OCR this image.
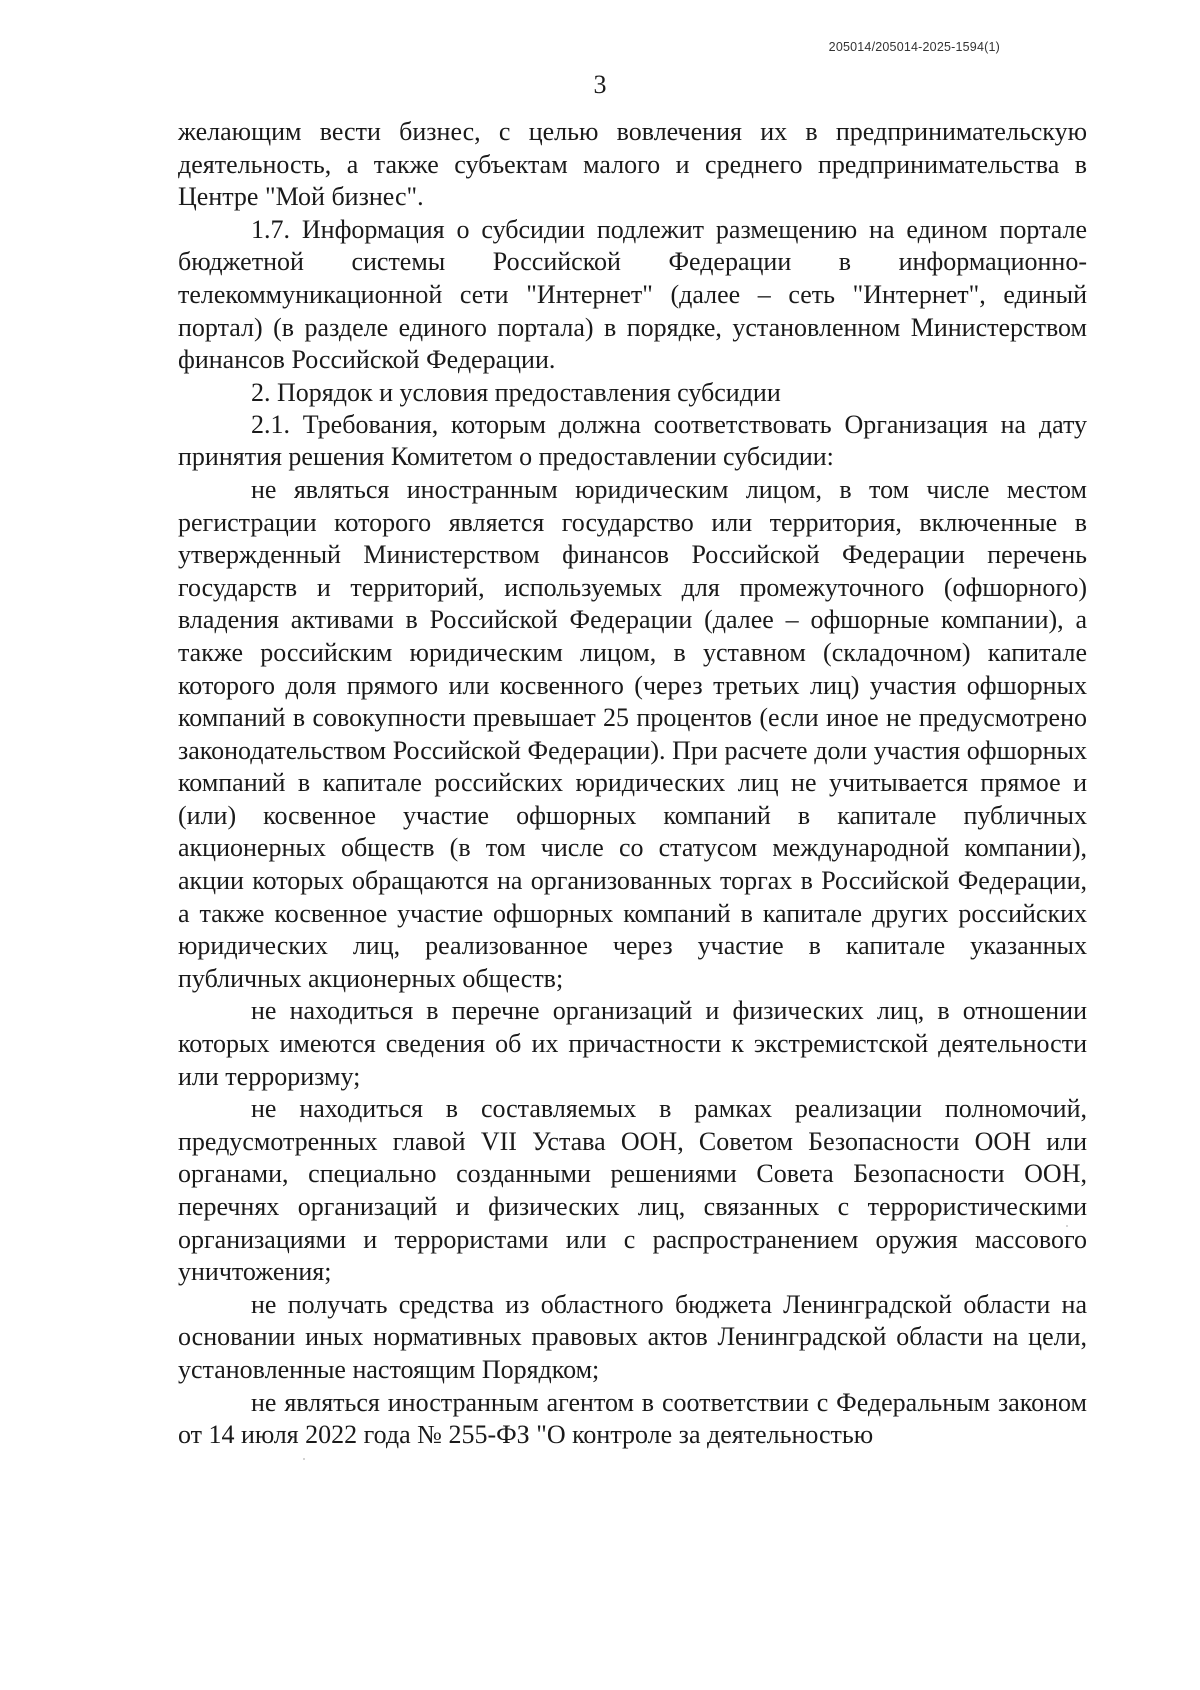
205014/205014-2025-1594(1)
3

желающим вести бизнес, с целью вовлечения их в предпринимательскую деятельность, а также субъектам малого и среднего предпринимательства в Центре "Мой бизнес".

1.7. Информация о субсидии подлежит размещению на едином портале бюджетной системы Российской Федерации в информационно-телекоммуникационной сети "Интернет" (далее – сеть "Интернет", единый портал) (в разделе единого портала) в порядке, установленном Министерством финансов Российской Федерации.

2. Порядок и условия предоставления субсидии

2.1. Требования, которым должна соответствовать Организация на дату принятия решения Комитетом о предоставлении субсидии:

не являться иностранным юридическим лицом, в том числе местом регистрации которого является государство или территория, включенные в утвержденный Министерством финансов Российской Федерации перечень государств и территорий, используемых для промежуточного (офшорного) владения активами в Российской Федерации (далее – офшорные компании), а также российским юридическим лицом, в уставном (складочном) капитале которого доля прямого или косвенного (через третьих лиц) участия офшорных компаний в совокупности превышает 25 процентов (если иное не предусмотрено законодательством Российской Федерации). При расчете доли участия офшорных компаний в капитале российских юридических лиц не учитывается прямое и (или) косвенное участие офшорных компаний в капитале публичных акционерных обществ (в том числе со статусом международной компании), акции которых обращаются на организованных торгах в Российской Федерации, а также косвенное участие офшорных компаний в капитале других российских юридических лиц, реализованное через участие в капитале указанных публичных акционерных обществ;

не находиться в перечне организаций и физических лиц, в отношении которых имеются сведения об их причастности к экстремистской деятельности или терроризму;

не находиться в составляемых в рамках реализации полномочий, предусмотренных главой VII Устава ООН, Советом Безопасности ООН или органами, специально созданными решениями Совета Безопасности ООН, перечнях организаций и физических лиц, связанных с террористическими организациями и террористами или с распространением оружия массового уничтожения;

не получать средства из областного бюджета Ленинградской области на основании иных нормативных правовых актов Ленинградской области на цели, установленные настоящим Порядком;

не являться иностранным агентом в соответствии с Федеральным законом от 14 июля 2022 года № 255-ФЗ "О контроле за деятельностью
